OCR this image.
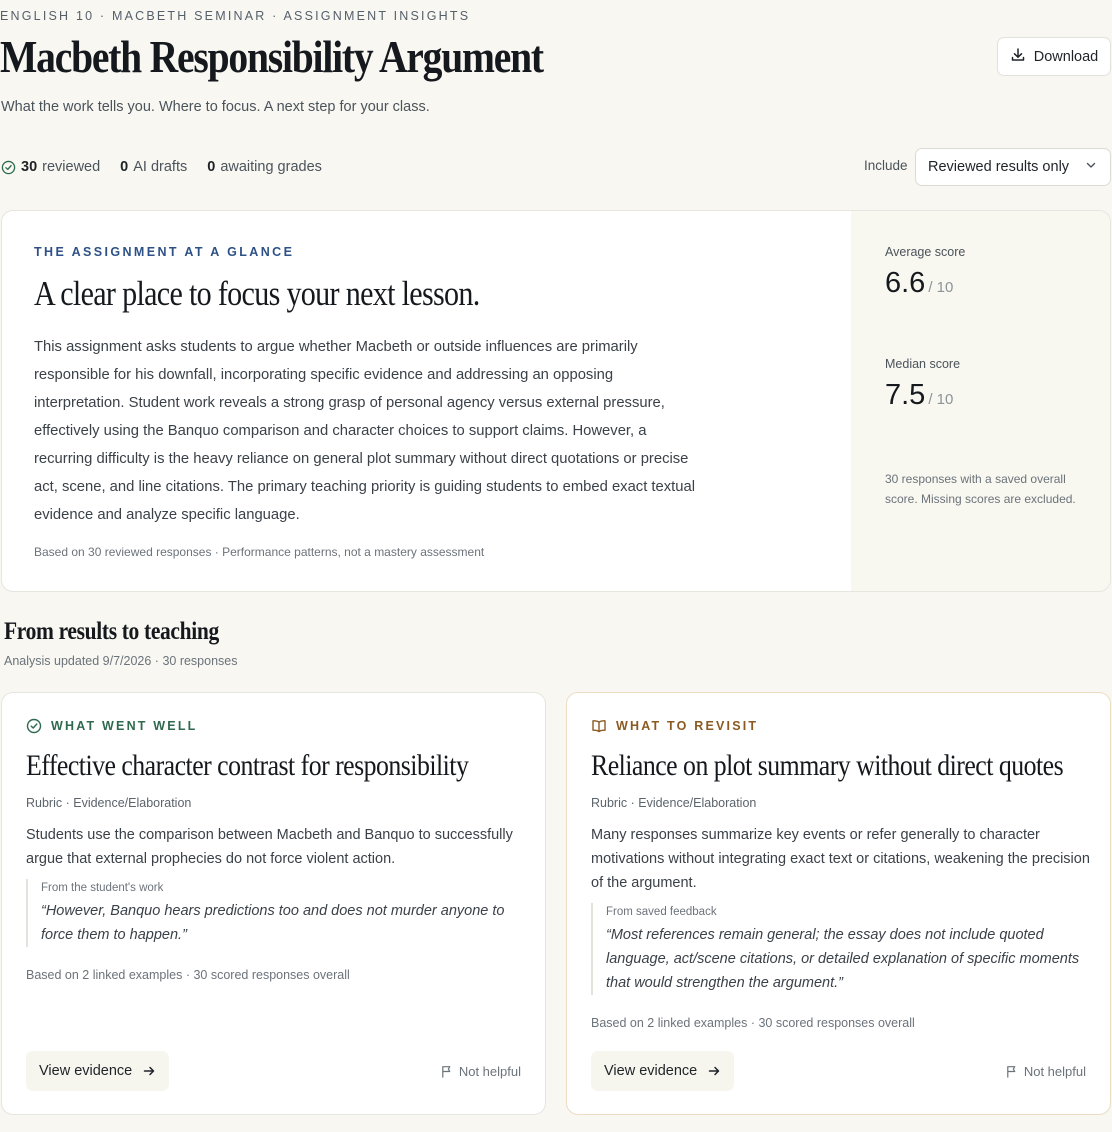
ENGLISH 10 · MACBETH SEMINAR · ASSIGNMENT INSIGHTS
Macbeth Responsibility Argument
What the work tells you. Where to focus. A next step for your class.
Download
30 reviewed 0 AI drafts 0 awaiting grades	Include Reviewed results only
THE ASSIGNMENT AT A GLANCE
A clear place to focus your next lesson.

This assignment asks students to argue whether Macbeth or outside influences are primarily responsible for his downfall, incorporating specific evidence and addressing an opposing interpretation. Student work reveals a strong grasp of personal agency versus external pressure, effectively using the Banquo comparison and character choices to support claims. However, a recurring difficulty is the heavy reliance on general plot summary without direct quotations or precise act, scene, and line citations. The primary teaching priority is guiding students to embed exact textual evidence and analyze specific language.

Based on 30 reviewed responses · Performance patterns, not a mastery assessment
Average score
6.6 / 10
Median score
7.5 / 10
30 responses with a saved overall score. Missing scores are excluded.
From results to teaching
Analysis updated 9/7/2026 · 30 responses
WHAT WENT WELL
Effective character contrast for responsibility
Rubric · Evidence/Elaboration

Students use the comparison between Macbeth and Banquo to successfully argue that external prophecies do not force violent action.

From the student's work

“However, Banquo hears predictions too and does not murder anyone to force them to happen.”

Based on 2 linked examples · 30 scored responses overall
View evidence	Not helpful
WHAT TO REVISIT
Reliance on plot summary without direct quotes
Rubric · Evidence/Elaboration

Many responses summarize key events or refer generally to character motivations without integrating exact text or citations, weakening the precision of the argument.

From saved feedback

“Most references remain general; the essay does not include quoted language, act/scene citations, or detailed explanation of specific moments that would strengthen the argument.”

Based on 2 linked examples · 30 scored responses overall
View evidence	Not helpful
